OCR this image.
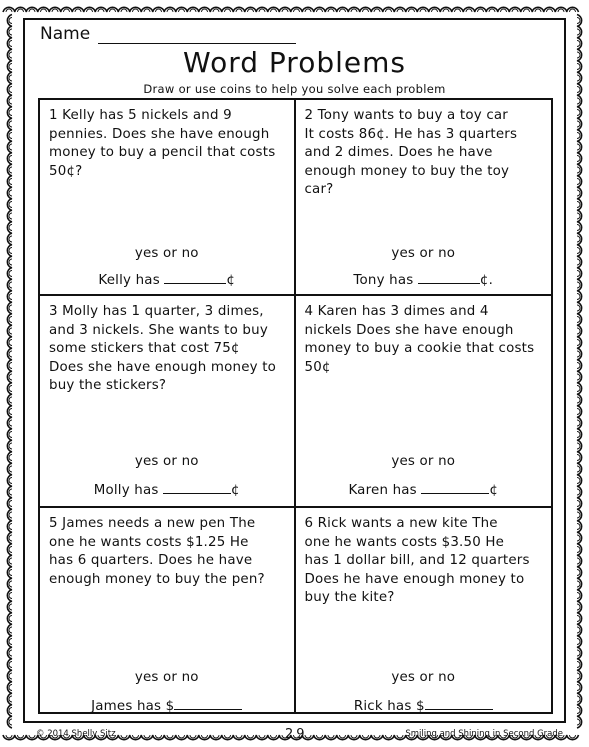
Name
Word Problems
Draw or use coins to help you solve each problem
1 Kelly has 5 nickels and 9
pennies. Does she have enough
money to buy a pencil that costs
50¢?
yes or no
Kelly has	¢
2 Tony wants to buy a toy car
It costs 86¢. He has 3 quarters
and 2 dimes. Does he have
enough money to buy the toy
car?
yes or no
Tony has	¢.
3 Molly has 1 quarter, 3 dimes,
and 3 nickels. She wants to buy
some stickers that cost 75¢
Does she have enough money to
buy the stickers?
yes or no
Molly has	¢
4 Karen has 3 dimes and 4
nickels Does she have enough
money to buy a cookie that costs
50¢
yes or no
Karen has	¢
5 James needs a new pen The
one he wants costs $1.25 He
has 6 quarters. Does he have
enough money to buy the pen?
yes or no
James has $
6 Rick wants a new kite The
one he wants costs $3.50 He
has 1 dollar bill, and 12 quarters
Does he have enough money to
buy the kite?
yes or no
Rick has $
© 2014 Shelly Sitz	29	Smiling and Shining in Second Grade
